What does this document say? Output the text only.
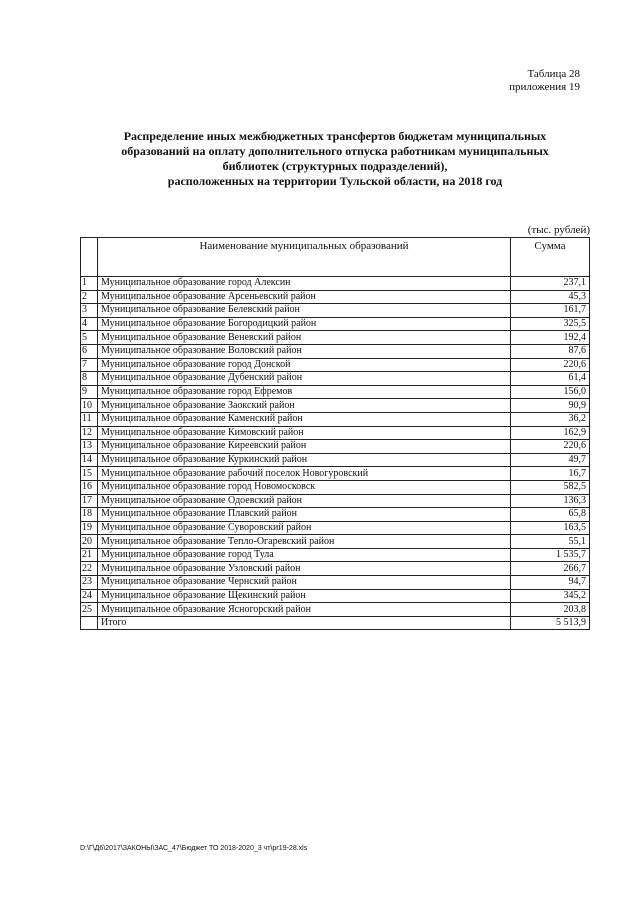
Таблица 28
приложения 19
Распределение иных межбюджетных трансфертов бюджетам муниципальных
образований на оплату дополнительного отпуска работникам муниципальных
библиотек (структурных подразделений),
расположенных на территории Тульской области, на 2018 год
(тыс. рублей)
	Наименование муниципальных образований	Сумма
1	Муниципальное образование город Алексин	237,1
2	Муниципальное образование Арсеньевский район	45,3
3	Муниципальное образование Белевский район	161,7
4	Муниципальное образование Богородицкий район	325,5
5	Муниципальное образование Веневский район	192,4
6	Муниципальное образование Воловский район	87,6
7	Муниципальное образование город Донской	220,6
8	Муниципальное образование Дубенский район	61,4
9	Муниципальное образование город Ефремов	156,0
10	Муниципальное образование Заокский район	90,9
11	Муниципальное образование Каменский район	36,2
12	Муниципальное образование Кимовский район	162,9
13	Муниципальное образование Киреевский район	220,6
14	Муниципальное образование Куркинский район	49,7
15	Муниципальное образование рабочий поселок Новогуровский	16,7
16	Муниципальное образование город Новомосковск	582,5
17	Муниципальное образование Одоевский район	136,3
18	Муниципальное образование Плавский район	65,8
19	Муниципальное образование Суворовский район	163,5
20	Муниципальное образование Тепло-Огаревский район	55,1
21	Муниципальное образование город Тула	1 535,7
22	Муниципальное образование Узловский район	266,7
23	Муниципальное образование Чернский район	94,7
24	Муниципальное образование Щекинский район	345,2
25	Муниципальное образование Ясногорский район	203,8
	Итого	5 513,9
D:\Г\Д6\2017\ЗАКОНЫ\ЗАС_47\Бюджет ТО 2018-2020_3 чт\рг19-28.xls
